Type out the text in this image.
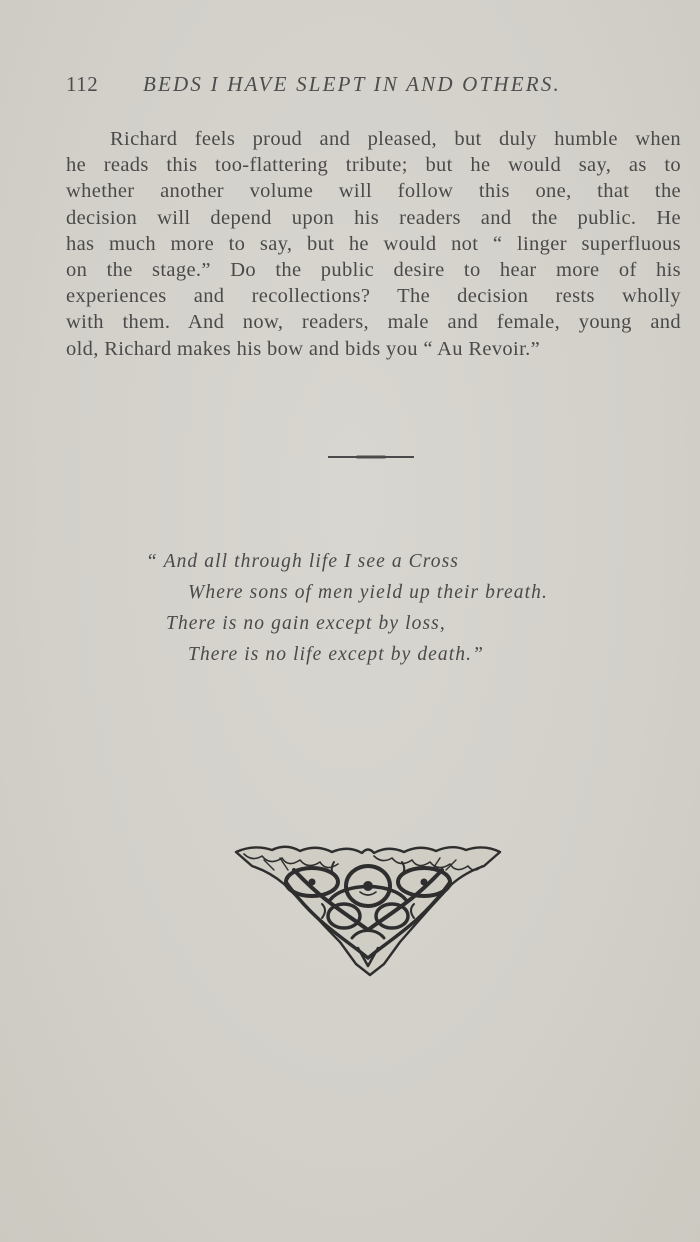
112 BEDS I HAVE SLEPT IN AND OTHERS.

Richard feels proud and pleased, but duly humble when
he reads this too-flattering tribute; but he would say, as to
whether another volume will follow this one, that the
decision will depend upon his readers and the public. He
has much more to say, but he would not “ linger superfluous
on the stage.” Do the public desire to hear more of his
experiences and recollections? The decision rests wholly
with them. And now, readers, male and female, young and
old, Richard makes his bow and bids you “ Au Revoir.”

“ And all through life I see a Cross
Where sons of men yield up their breath.
There is no gain except by loss,
There is no life except by death.”
